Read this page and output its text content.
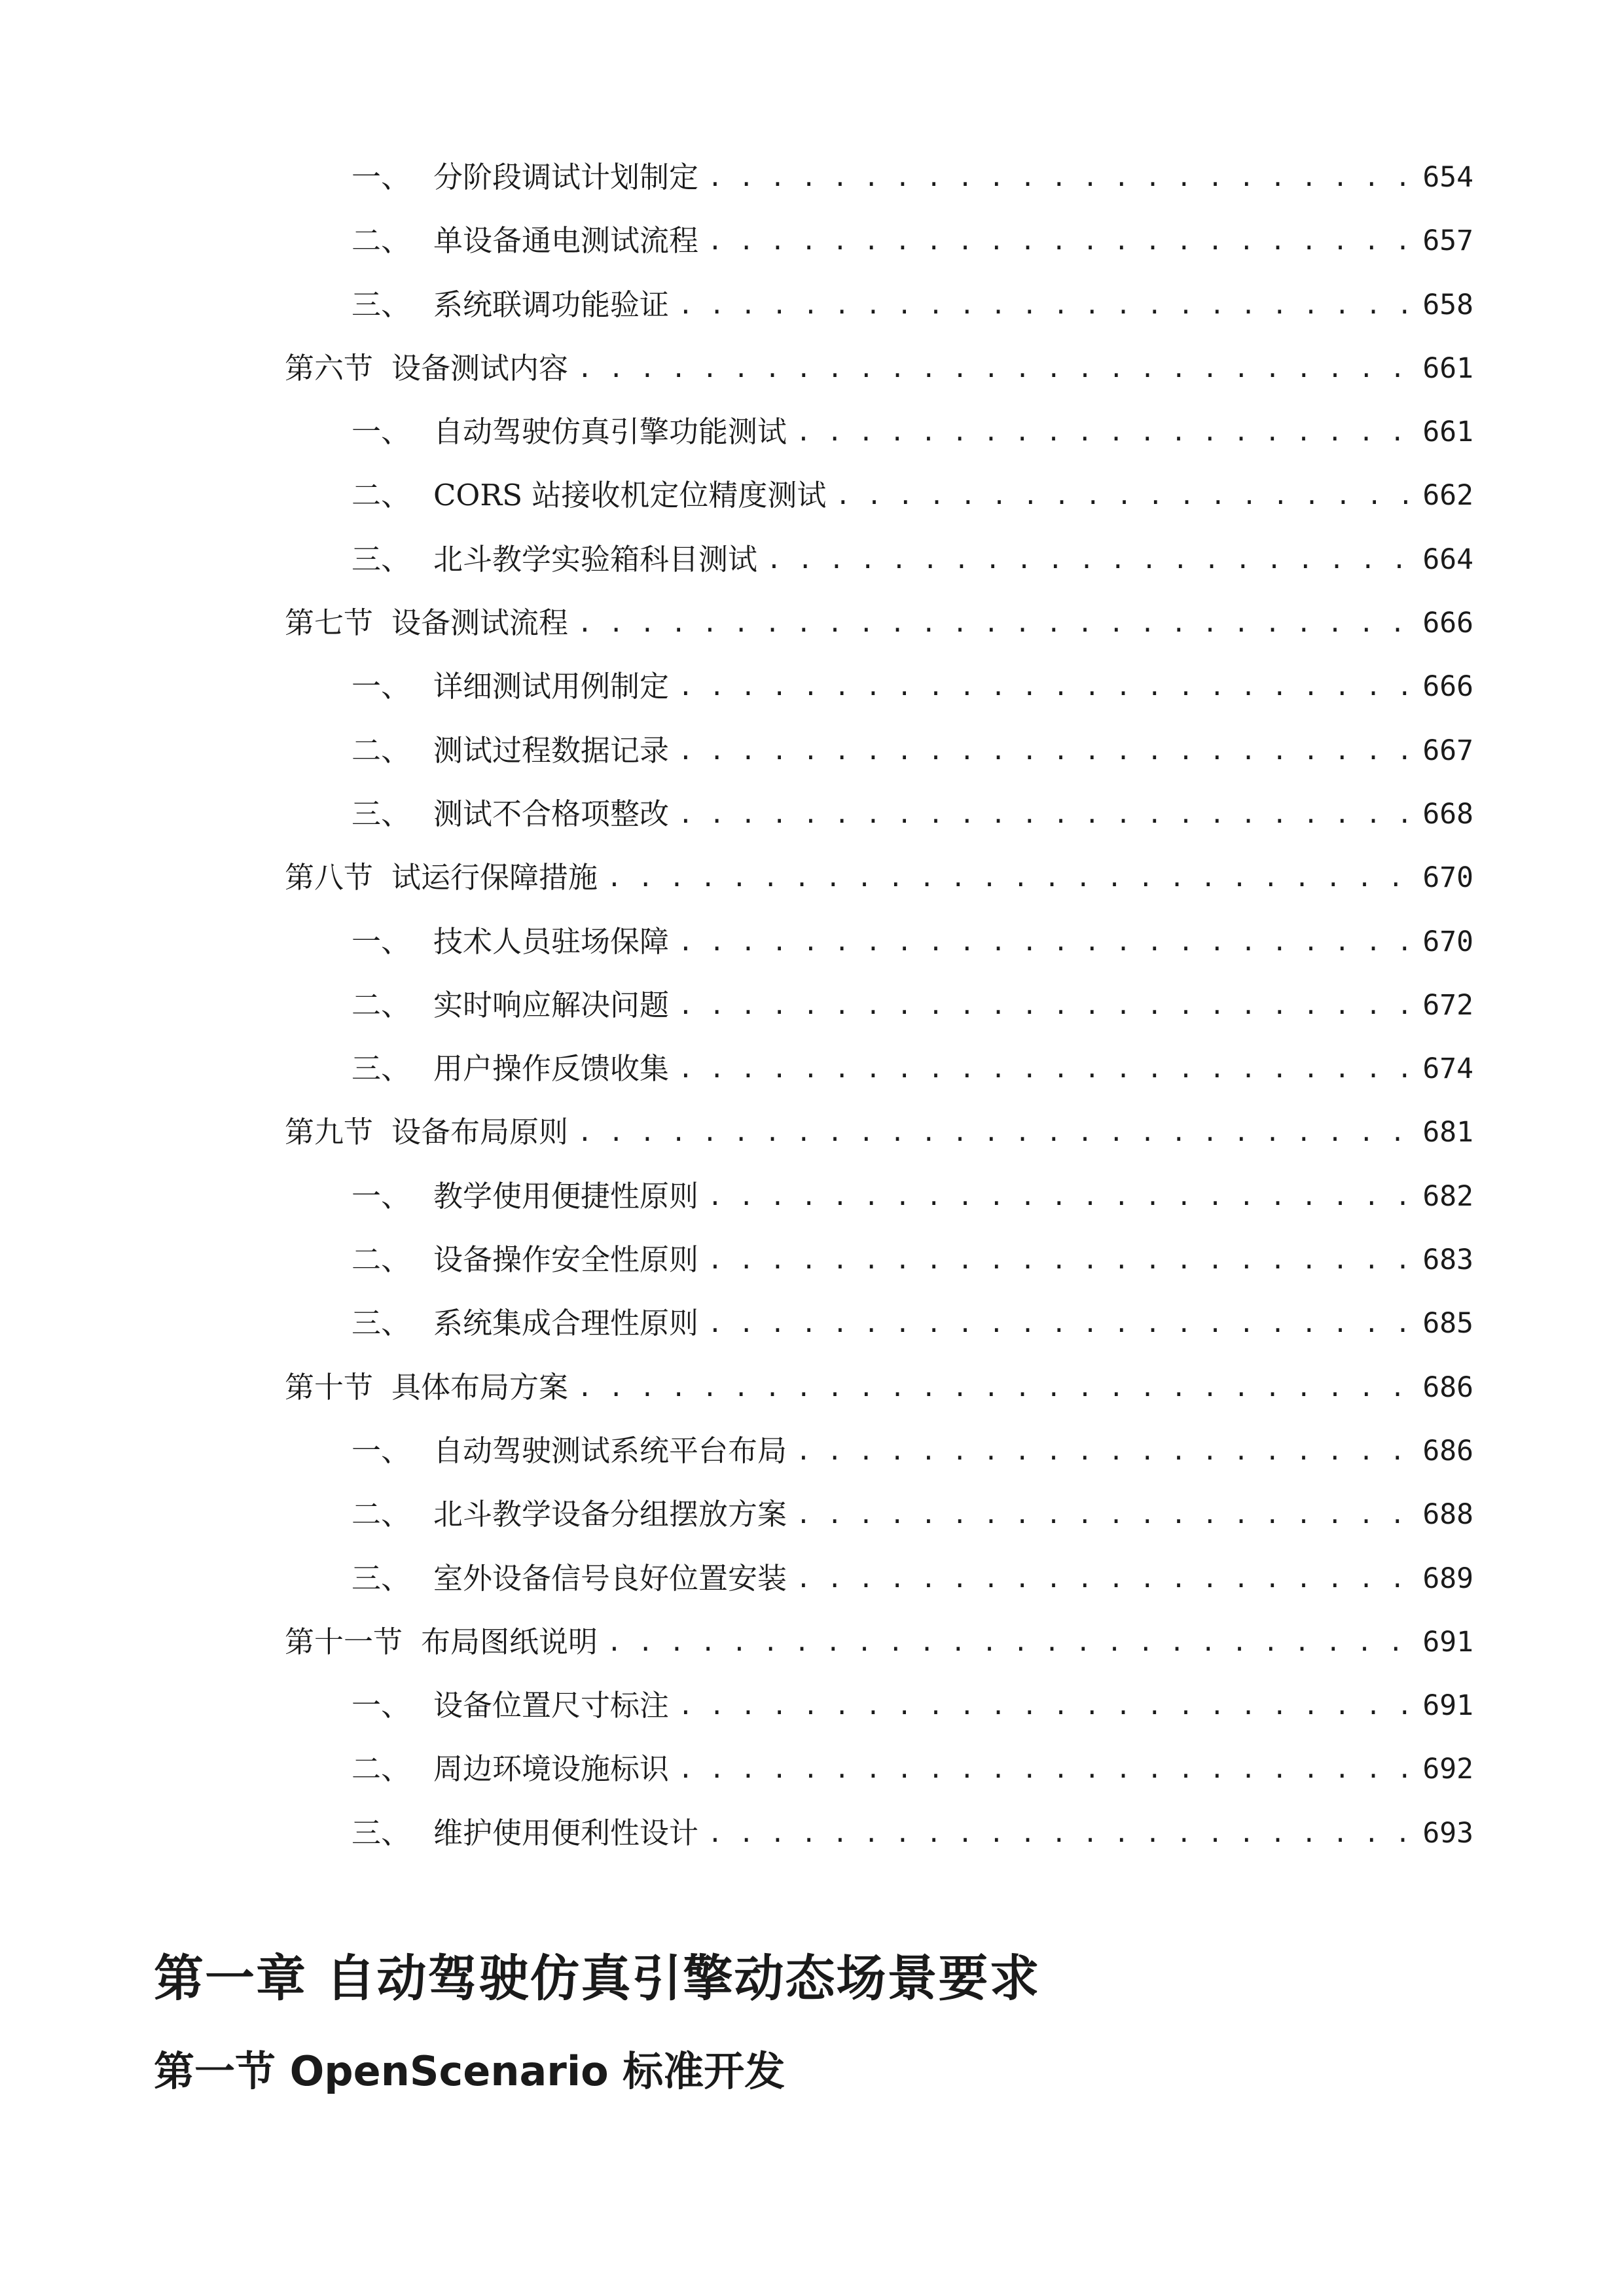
一、 分阶段调试计划制定 . . .	654
二、 单设备通电测试流程 . . .	657
三、 系统联调功能验证 . . .	658
第六节 设备测试内容 . . .	661
一、 自动驾驶仿真引擎功能测试 . . .	661
二、 CORS 站接收机定位精度测试 . . .	662
三、 北斗教学实验箱科目测试 . . .	664
第七节 设备测试流程 . . .	666
一、 详细测试用例制定 . . .	666
二、 测试过程数据记录 . . .	667
三、 测试不合格项整改 . . .	668
第八节 试运行保障措施 . . .	670
一、 技术人员驻场保障 . . .	670
二、 实时响应解决问题 . . .	672
三、 用户操作反馈收集 . . .	674
第九节 设备布局原则 . . .	681
一、 教学使用便捷性原则 . . .	682
二、 设备操作安全性原则 . . .	683
三、 系统集成合理性原则 . . .	685
第十节 具体布局方案 . . .	686
一、 自动驾驶测试系统平台布局 . . .	686
二、 北斗教学设备分组摆放方案 . . .	688
三、 室外设备信号良好位置安装 . . .	689
第十一节 布局图纸说明 . . .	691
一、 设备位置尺寸标注 . . .	691
二、 周边环境设施标识 . . .	692
三、 维护使用便利性设计 . . .	693
第一章 自动驾驶仿真引擎动态场景要求
第一节 OpenScenario 标准开发
